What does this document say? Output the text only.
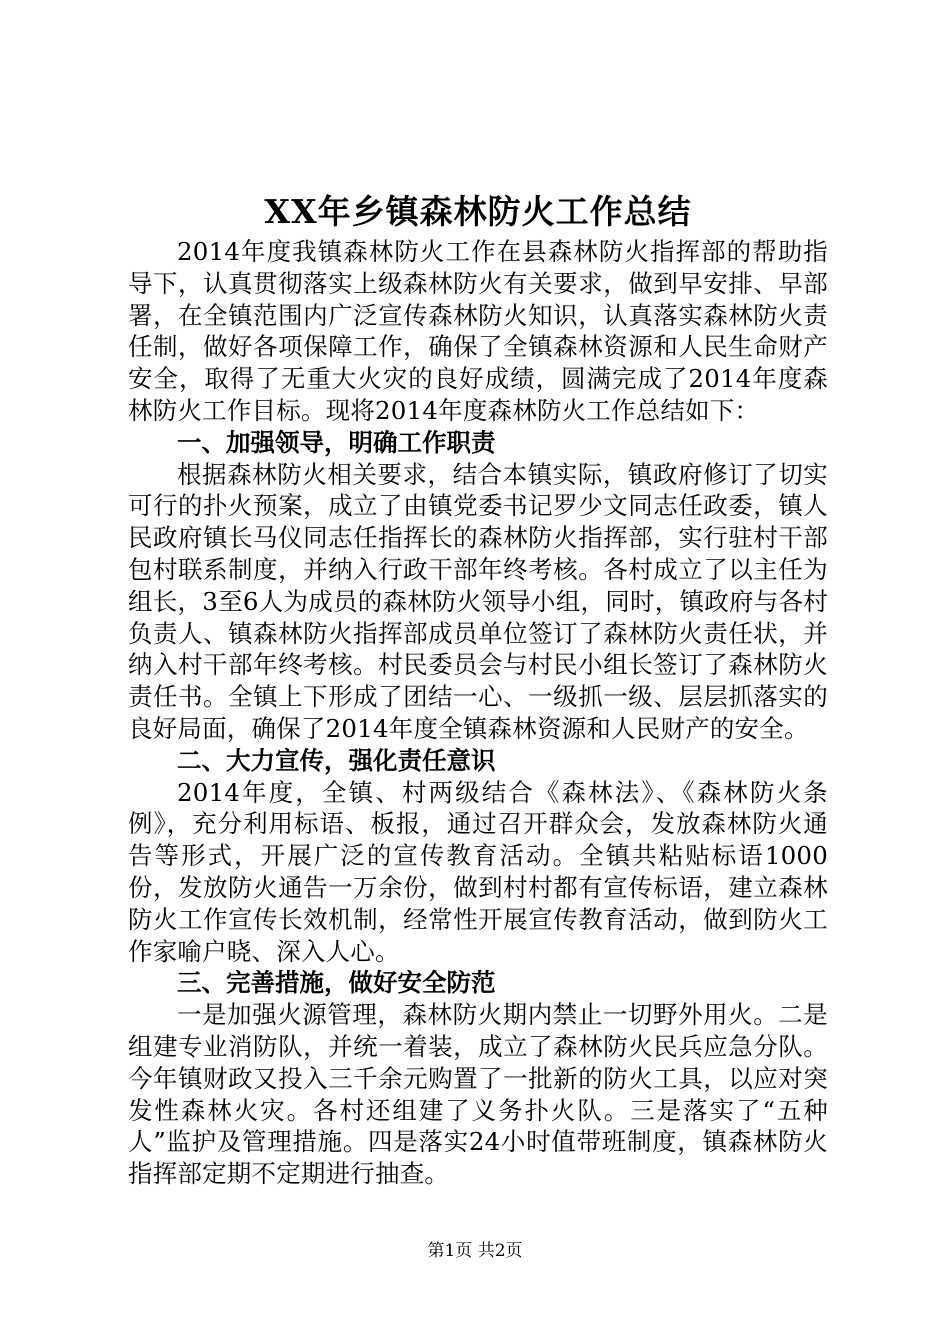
XX年乡镇森林防火工作总结

2014年度我镇森林防火工作在县森林防火指挥部的帮助指导下，认真贯彻落实上级森林防火有关要求，做到早安排、早部署，在全镇范围内广泛宣传森林防火知识，认真落实森林防火责任制，做好各项保障工作，确保了全镇森林资源和人民生命财产安全，取得了无重大火灾的良好成绩，圆满完成了2014年度森林防火工作目标。现将2014年度森林防火工作总结如下：

一、加强领导，明确工作职责

根据森林防火相关要求，结合本镇实际，镇政府修订了切实可行的扑火预案，成立了由镇党委书记罗少文同志任政委，镇人民政府镇长马仪同志任指挥长的森林防火指挥部，实行驻村干部包村联系制度，并纳入行政干部年终考核。各村成立了以主任为组长，3至6人为成员的森林防火领导小组，同时，镇政府与各村负责人、镇森林防火指挥部成员单位签订了森林防火责任状，并纳入村干部年终考核。村民委员会与村民小组长签订了森林防火责任书。全镇上下形成了团结一心、一级抓一级、层层抓落实的良好局面，确保了2014年度全镇森林资源和人民财产的安全。

二、大力宣传，强化责任意识

2014年度，全镇、村两级结合《森林法》、《森林防火条例》，充分利用标语、板报，通过召开群众会，发放森林防火通告等形式，开展广泛的宣传教育活动。全镇共粘贴标语1000份，发放防火通告一万余份，做到村村都有宣传标语，建立森林防火工作宣传长效机制，经常性开展宣传教育活动，做到防火工作家喻户晓、深入人心。

三、完善措施，做好安全防范

一是加强火源管理，森林防火期内禁止一切野外用火。二是组建专业消防队，并统一着装，成立了森林防火民兵应急分队。今年镇财政又投入三千余元购置了一批新的防火工具，以应对突发性森林火灾。各村还组建了义务扑火队。三是落实了“五种人”监护及管理措施。四是落实24小时值带班制度，镇森林防火指挥部定期不定期进行抽查。

第1页 共2页
